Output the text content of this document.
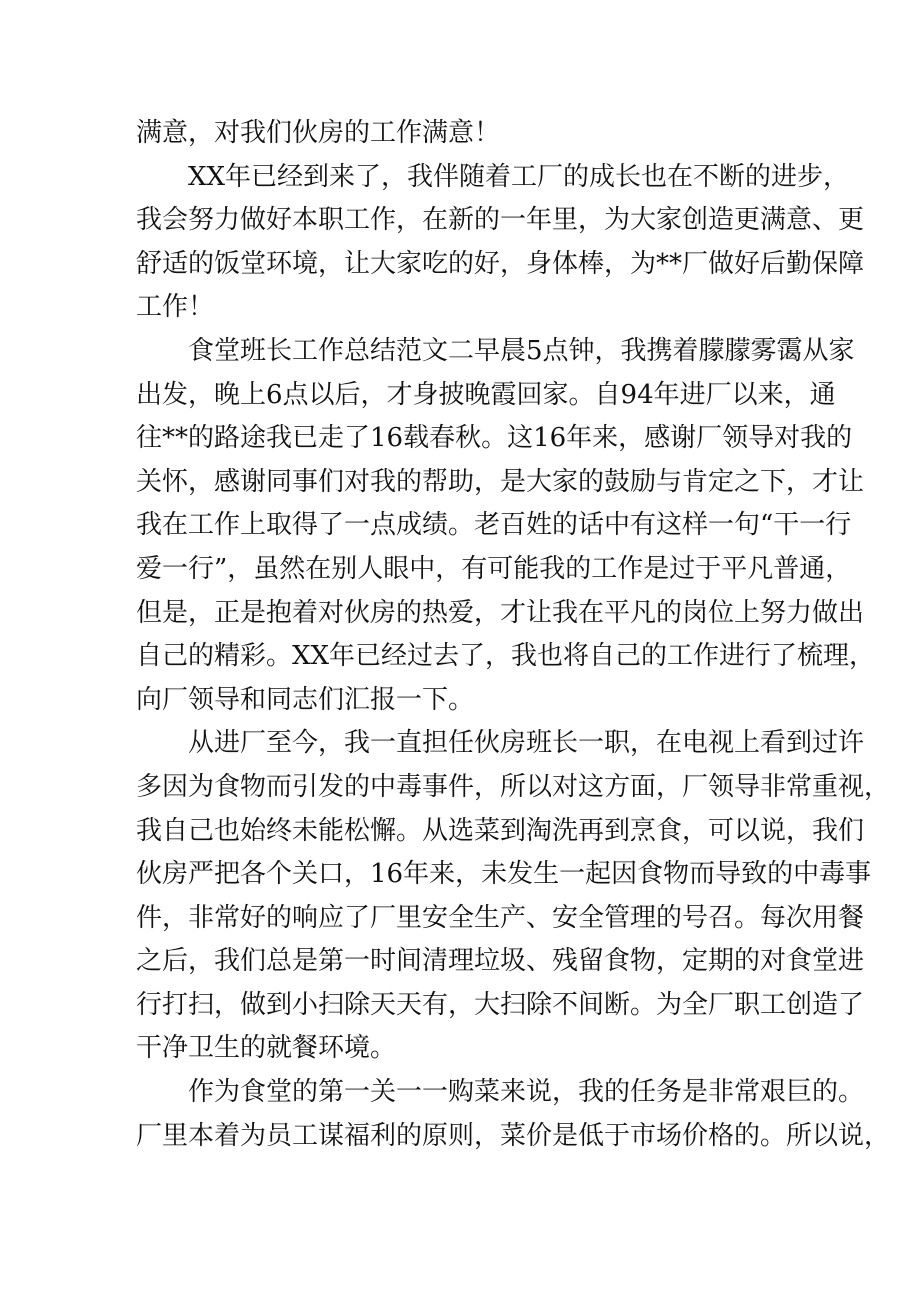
满意，对我们伙房的工作满意！
XX年已经到来了，我伴随着工厂的成长也在不断的进步，
我会努力做好本职工作，在新的一年里，为大家创造更满意、更
舒适的饭堂环境，让大家吃的好，身体棒，为**厂做好后勤保障
工作！
食堂班长工作总结范文二早晨5点钟，我携着朦朦雾霭从家
出发，晚上6点以后，才身披晚霞回家。自94年进厂以来，通
往**的路途我已走了16载春秋。这16年来，感谢厂领导对我的
关怀，感谢同事们对我的帮助，是大家的鼓励与肯定之下，才让
我在工作上取得了一点成绩。老百姓的话中有这样一句“干一行
爱一行”，虽然在别人眼中，有可能我的工作是过于平凡普通，
但是，正是抱着对伙房的热爱，才让我在平凡的岗位上努力做出
自己的精彩。XX年已经过去了，我也将自己的工作进行了梳理，
向厂领导和同志们汇报一下。
从进厂至今，我一直担任伙房班长一职，在电视上看到过许
多因为食物而引发的中毒事件，所以对这方面，厂领导非常重视，
我自己也始终未能松懈。从选菜到淘洗再到烹食，可以说，我们
伙房严把各个关口，16年来，未发生一起因食物而导致的中毒事
件，非常好的响应了厂里安全生产、安全管理的号召。每次用餐
之后，我们总是第一时间清理垃圾、残留食物，定期的对食堂进
行打扫，做到小扫除天天有，大扫除不间断。为全厂职工创造了
干净卫生的就餐环境。
作为食堂的第一关一一购菜来说，我的任务是非常艰巨的。
厂里本着为员工谋福利的原则，菜价是低于市场价格的。所以说，
